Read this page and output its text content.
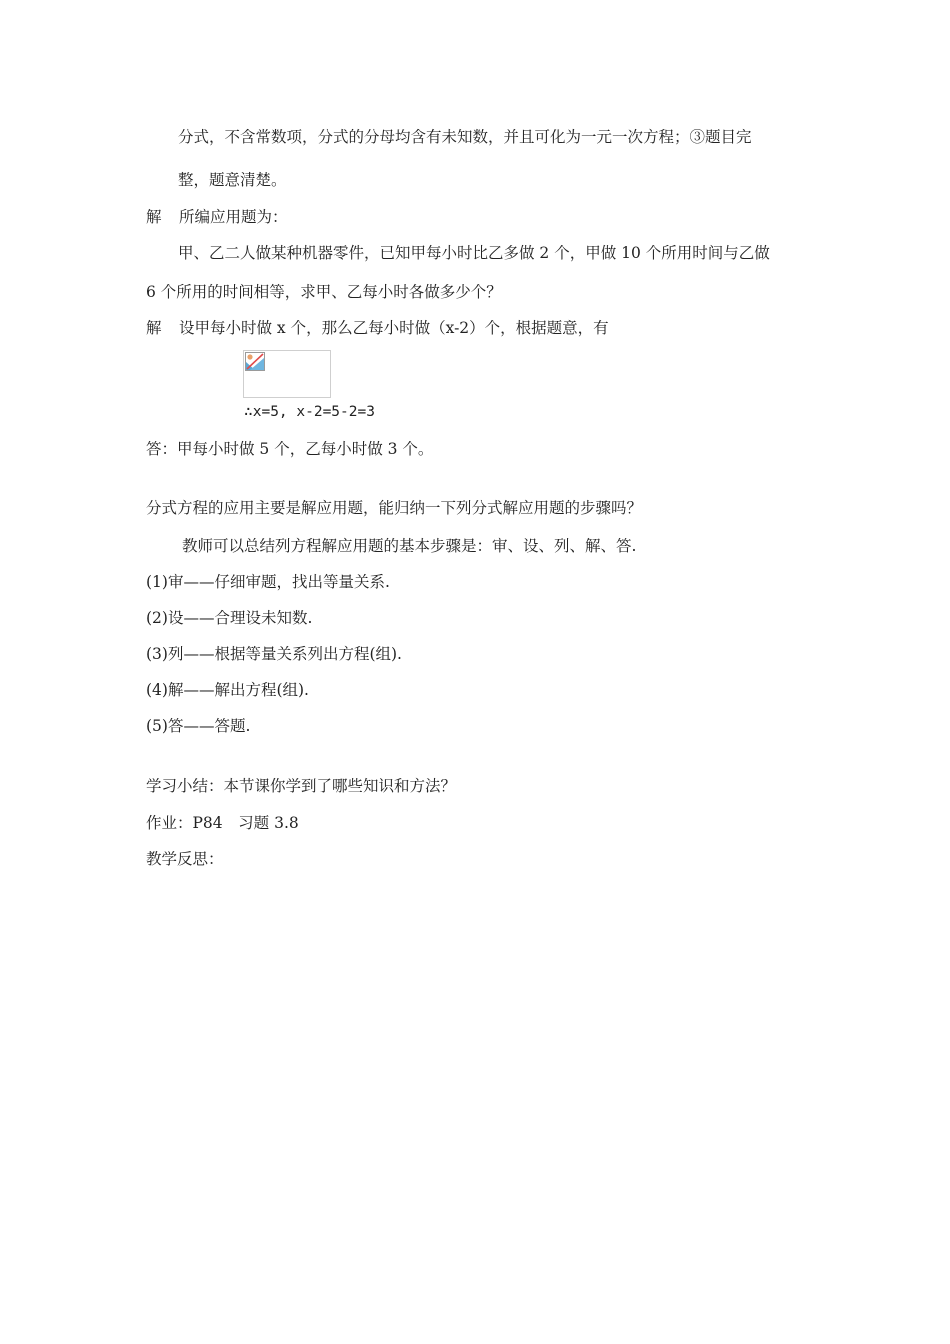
分式，不含常数项，分式的分母均含有未知数，并且可化为一元一次方程；③题目完
整，题意清楚。
解 所编应用题为：
甲、乙二人做某种机器零件，已知甲每小时比乙多做 2 个，甲做 10 个所用时间与乙做
6 个所用的时间相等，求甲、乙每小时各做多少个？
解 设甲每小时做 x 个，那么乙每小时做（x-2）个，根据题意，有
∴x=5, x-2=5-2=3
答：甲每小时做 5 个，乙每小时做 3 个。
分式方程的应用主要是解应用题，能归纳一下列分式解应用题的步骤吗？
教师可以总结列方程解应用题的基本步骤是：审、设、列、解、答.
(1)审——仔细审题，找出等量关系.
(2)设——合理设未知数.
(3)列——根据等量关系列出方程(组).
(4)解——解出方程(组).
(5)答——答题.
学习小结：本节课你学到了哪些知识和方法？
作业：P84　习题 3.8
教学反思：
